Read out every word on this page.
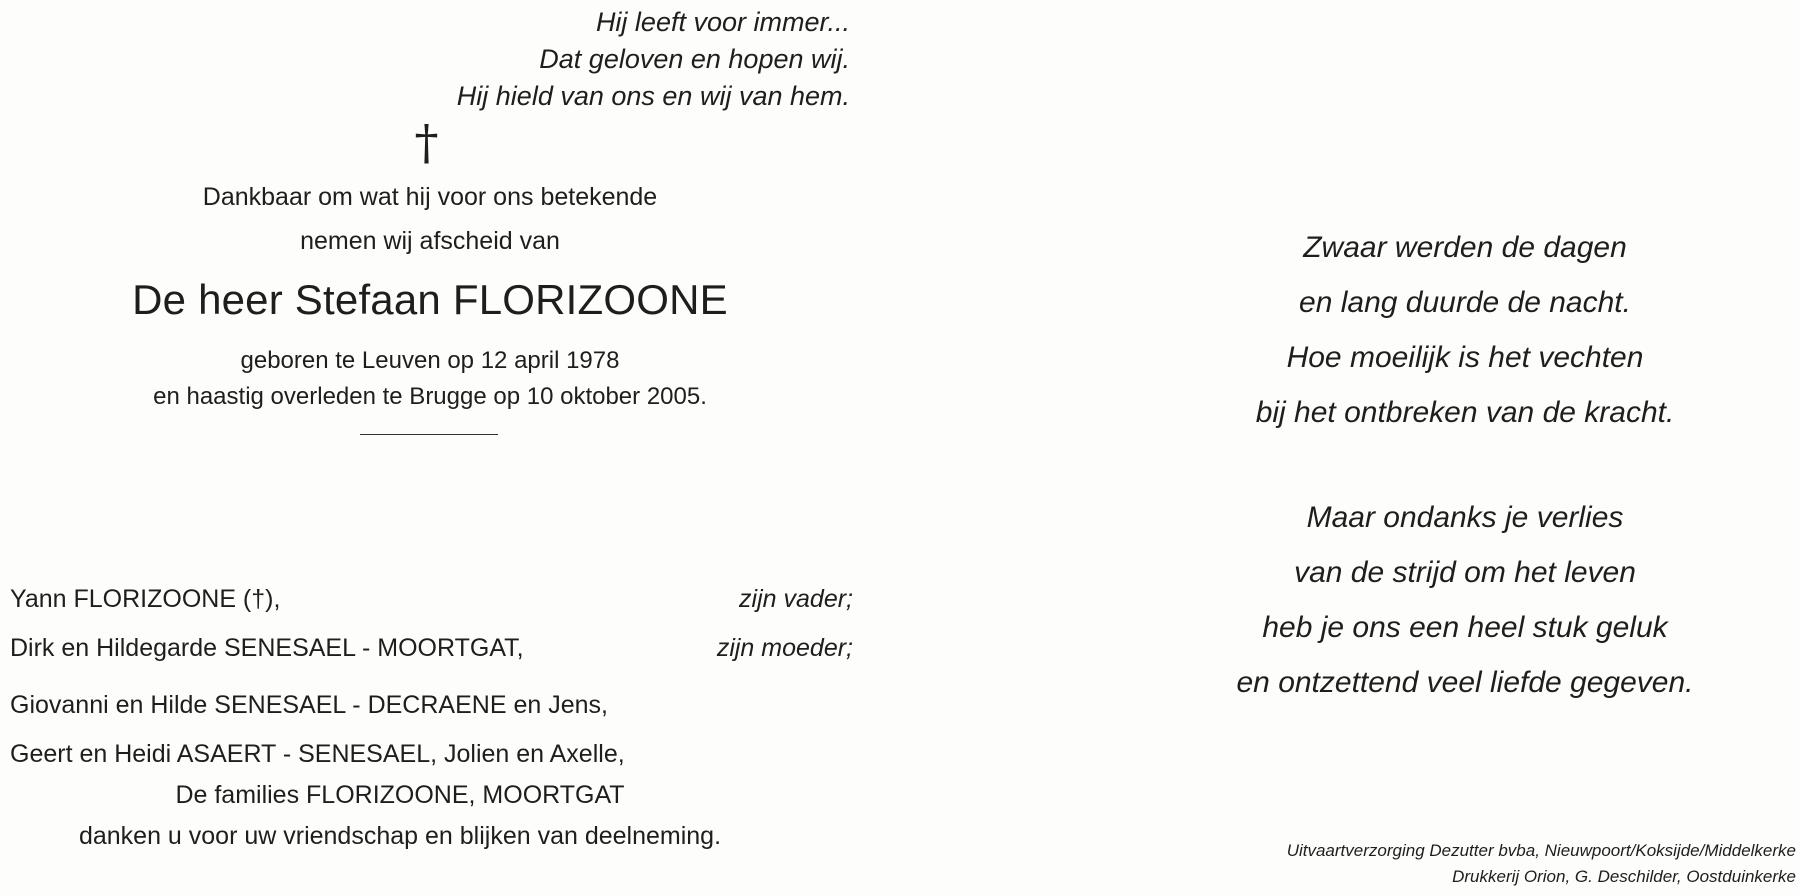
Hij leeft voor immer...
Dat geloven en hopen wij.
Hij hield van ons en wij van hem.
†
Dankbaar om wat hij voor ons betekende
nemen wij afscheid van
De heer Stefaan FLORIZOONE
geboren te Leuven op 12 april 1978
en haastig overleden te Brugge op 10 oktober 2005.
Yann FLORIZOONE (†),	zijn vader;
Dirk en Hildegarde SENESAEL - MOORTGAT,	zijn moeder;
Giovanni en Hilde SENESAEL - DECRAENE en Jens,
Geert en Heidi ASAERT - SENESAEL, Jolien en Axelle,
De families FLORIZOONE, MOORTGAT
danken u voor uw vriendschap en blijken van deelneming.
Zwaar werden de dagen
en lang duurde de nacht.
Hoe moeilijk is het vechten
bij het ontbreken van de kracht.
Maar ondanks je verlies
van de strijd om het leven
heb je ons een heel stuk geluk
en ontzettend veel liefde gegeven.
Uitvaartverzorging Dezutter bvba, Nieuwpoort/Koksijde/Middelkerke
Drukkerij Orion, G. Deschilder, Oostduinkerke
